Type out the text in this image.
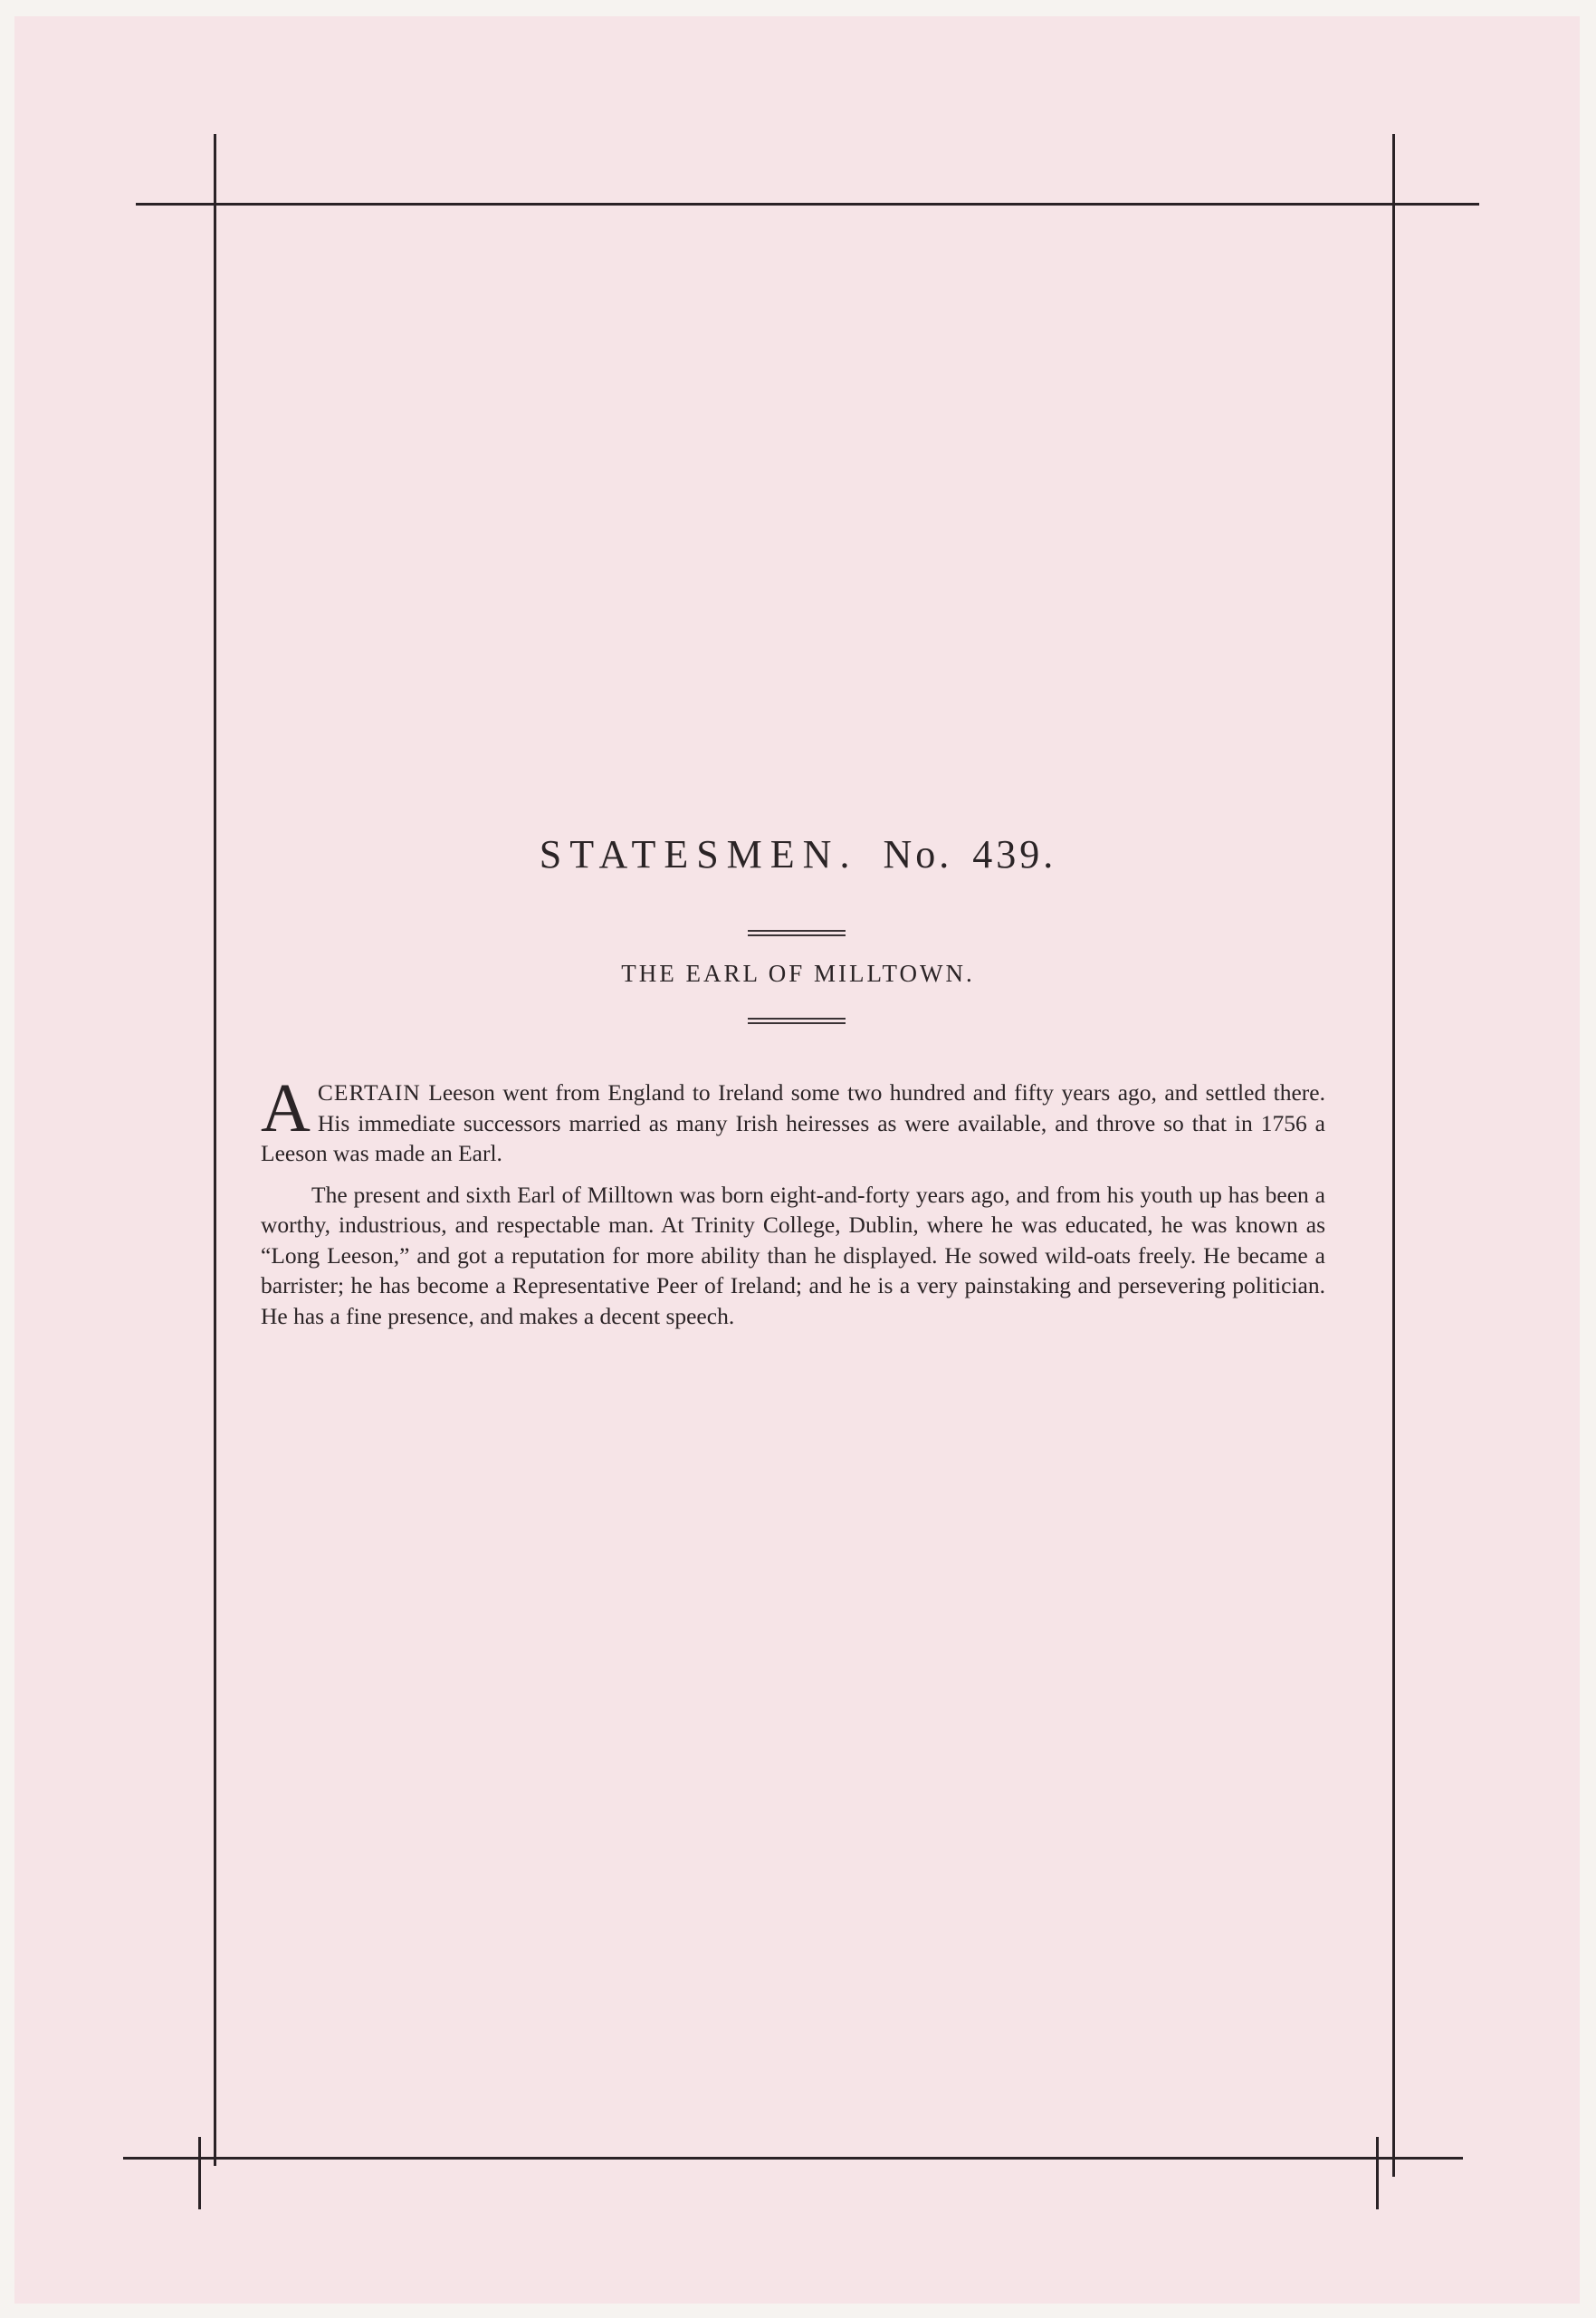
STATESMEN. No. 439.
THE EARL OF MILLTOWN.

ACERTAIN Leeson went from England to Ireland some two hundred and fifty years ago, and settled there. His immediate successors married as many Irish heiresses as were available, and throve so that in 1756 a Leeson was made an Earl.

The present and sixth Earl of Milltown was born eight-and-forty years ago, and from his youth up has been a worthy, industrious, and respectable man. At Trinity College, Dublin, where he was educated, he was known as “Long Leeson,” and got a reputation for more ability than he displayed. He sowed wild-oats freely. He became a barrister; he has become a Representative Peer of Ireland; and he is a very painstaking and persevering politician. He has a fine presence, and makes a decent speech.
